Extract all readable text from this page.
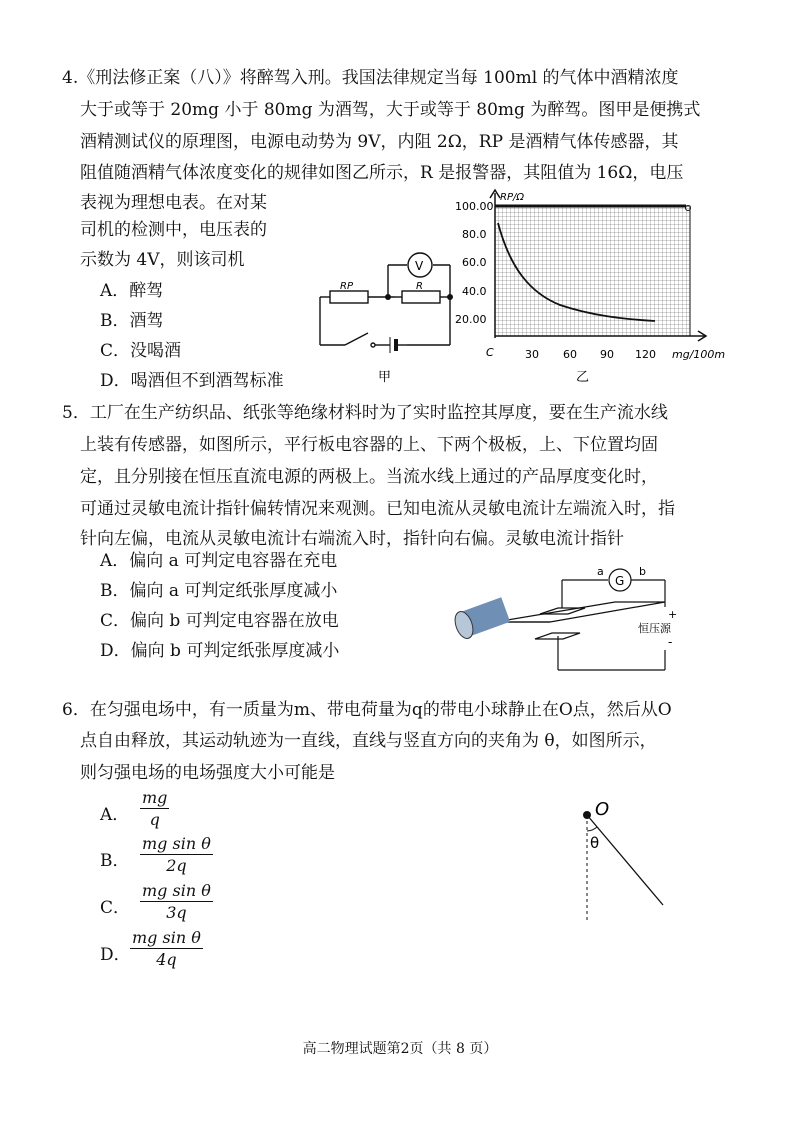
4.《刑法修正案（八）》将醉驾入刑。我国法律规定当每 100ml 的气体中酒精浓度
大于或等于 20mg 小于 80mg 为酒驾，大于或等于 80mg 为醉驾。图甲是便携式
酒精测试仪的原理图，电源电动势为 9V，内阻 2Ω，RP 是酒精气体传感器，其
阻值随酒精气体浓度变化的规律如图乙所示，R 是报警器，其阻值为 16Ω，电压
表视为理想电表。在对某
司机的检测中，电压表的
示数为 4V，则该司机
A．醉驾
B．酒驾
C．没喝酒
D．喝酒但不到酒驾标准
RP	R
V
甲
RP/Ω
100.00
80.0
60.0
40.0
20.00
C	30 60 90 120 mg/100m
乙
5．工厂在生产纺织品、纸张等绝缘材料时为了实时监控其厚度，要在生产流水线
上装有传感器，如图所示，平行板电容器的上、下两个极板，上、下位置均固
定，且分别接在恒压直流电源的两极上。当流水线上通过的产品厚度变化时，
可通过灵敏电流计指针偏转情况来观测。已知电流从灵敏电流计左端流入时，指
针向左偏，电流从灵敏电流计右端流入时，指针向右偏。灵敏电流计指针
A．偏向 a 可判定电容器在充电
B．偏向 a 可判定纸张厚度减小
C．偏向 b 可判定电容器在放电
D．偏向 b 可判定纸张厚度减小
a	b
G
+
-
恒压源
6．在匀强电场中，有一质量为m、带电荷量为q的带电小球静止在O点，然后从O
点自由释放，其运动轨迹为一直线，直线与竖直方向的夹角为 θ，如图所示，
则匀强电场的电场强度大小可能是
A． $\frac{mg}{q}$
B． $\frac{\text{mg sin θ}}{2q}$
C． $\frac{\text{mg sin θ}}{3q}$
D． $\frac{\text{mg sin θ}}{4q}$
O
θ
高二物理试题第2页（共 8 页）
